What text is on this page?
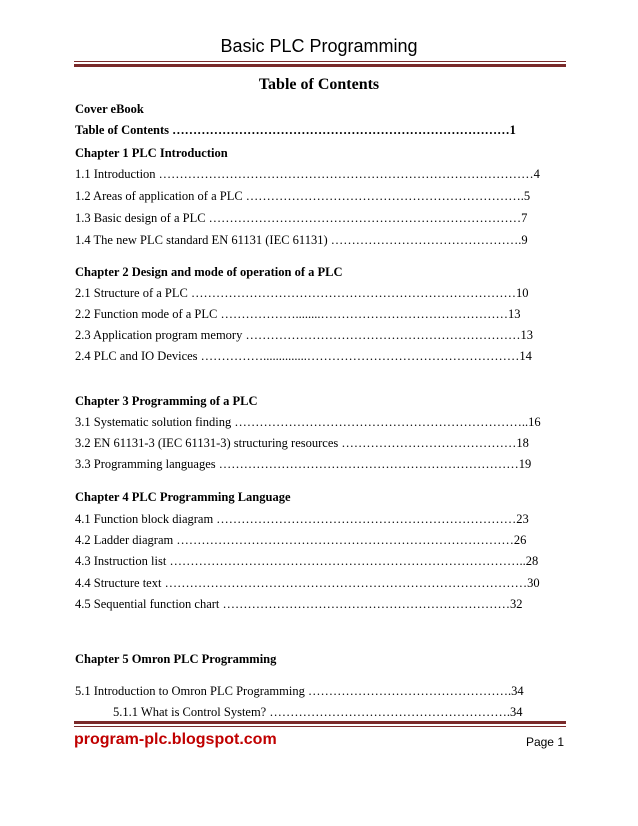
Basic PLC Programming
Table of Contents
Cover eBook
Table of Contents ………………………………………………………………………1
Chapter 1 PLC Introduction
1.1 Introduction ………………………………………………………………………………4
1.2 Areas of application of a PLC ………………………………………………………….5
1.3 Basic design of a PLC …………………………………………………………………7
1.4 The new PLC standard EN 61131 (IEC 61131) ……………………………………….9
Chapter 2 Design and mode of operation of a PLC
2.1 Structure of a PLC ……………………………………………………………………10
2.2 Function mode of a PLC ………………........………………………………………13
2.3 Application program memory …………………………………………………………13
2.4 PLC and IO Devices ……………..............……………………………………………14
Chapter 3 Programming of a PLC
3.1 Systematic solution finding ……………………………………………………………..16
3.2 EN 61131-3 (IEC 61131-3) structuring resources ……………………………………18
3.3 Programming languages ………………………………………………………………19
Chapter 4 PLC Programming Language
4.1 Function block diagram ………………………………………………………………23
4.2 Ladder diagram ………………………………………………………………………26
4.3 Instruction list …………………………………………………………………………..28
4.4 Structure text ……………………………………………………………………………30
4.5 Sequential function chart ……………………………………………………………32
Chapter 5 Omron PLC Programming
5.1 Introduction to Omron PLC Programming ………………………………………….34
5.1.1 What is Control System? ………………………………………………….34
program-plc.blogspot.com	Page 1
